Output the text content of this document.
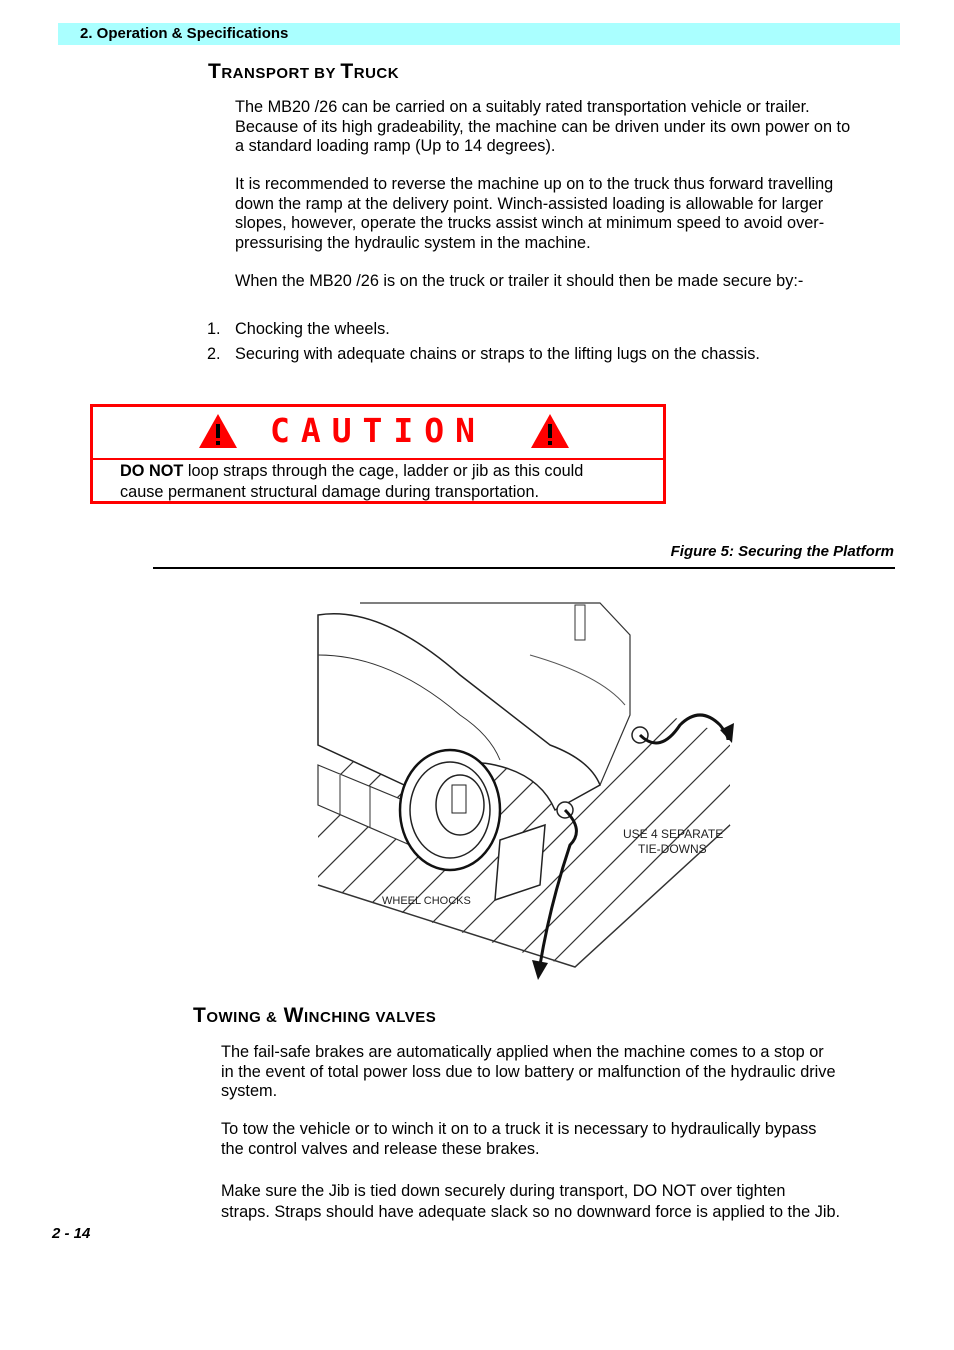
2. Operation & Specifications
TRANSPORT BY TRUCK
The MB20 /26 can be carried on a suitably rated transportation vehicle or trailer.
Because of its high gradeability, the machine can be driven under its own power on to
a standard loading ramp (Up to 14 degrees).
It is recommended to reverse the machine up on to the truck thus forward travelling
down the ramp at the delivery point. Winch-assisted loading is allowable for larger
slopes, however, operate the trucks assist winch at minimum speed to avoid over-
pressurising the hydraulic system in the machine.
When the MB20 /26 is on the truck or trailer it should then be made secure by:-
1. Chocking the wheels.
2. Securing with adequate chains or straps to the lifting lugs on the chassis.
CAUTION
DO NOT loop straps through the cage, ladder or jib as this could
cause permanent structural damage during transportation.
Figure 5: Securing the Platform
USE 4 SEPARATE
TIE-DOWNS
WHEEL CHOCKS
TOWING & WINCHING VALVES
The fail-safe brakes are automatically applied when the machine comes to a stop or
in the event of total power loss due to low battery or malfunction of the hydraulic drive
system.
To tow the vehicle or to winch it on to a truck it is necessary to hydraulically bypass
the control valves and release these brakes.
Make sure the Jib is tied down securely during transport, DO NOT over tighten
straps. Straps should have adequate slack so no downward force is applied to the Jib.
2 - 14
